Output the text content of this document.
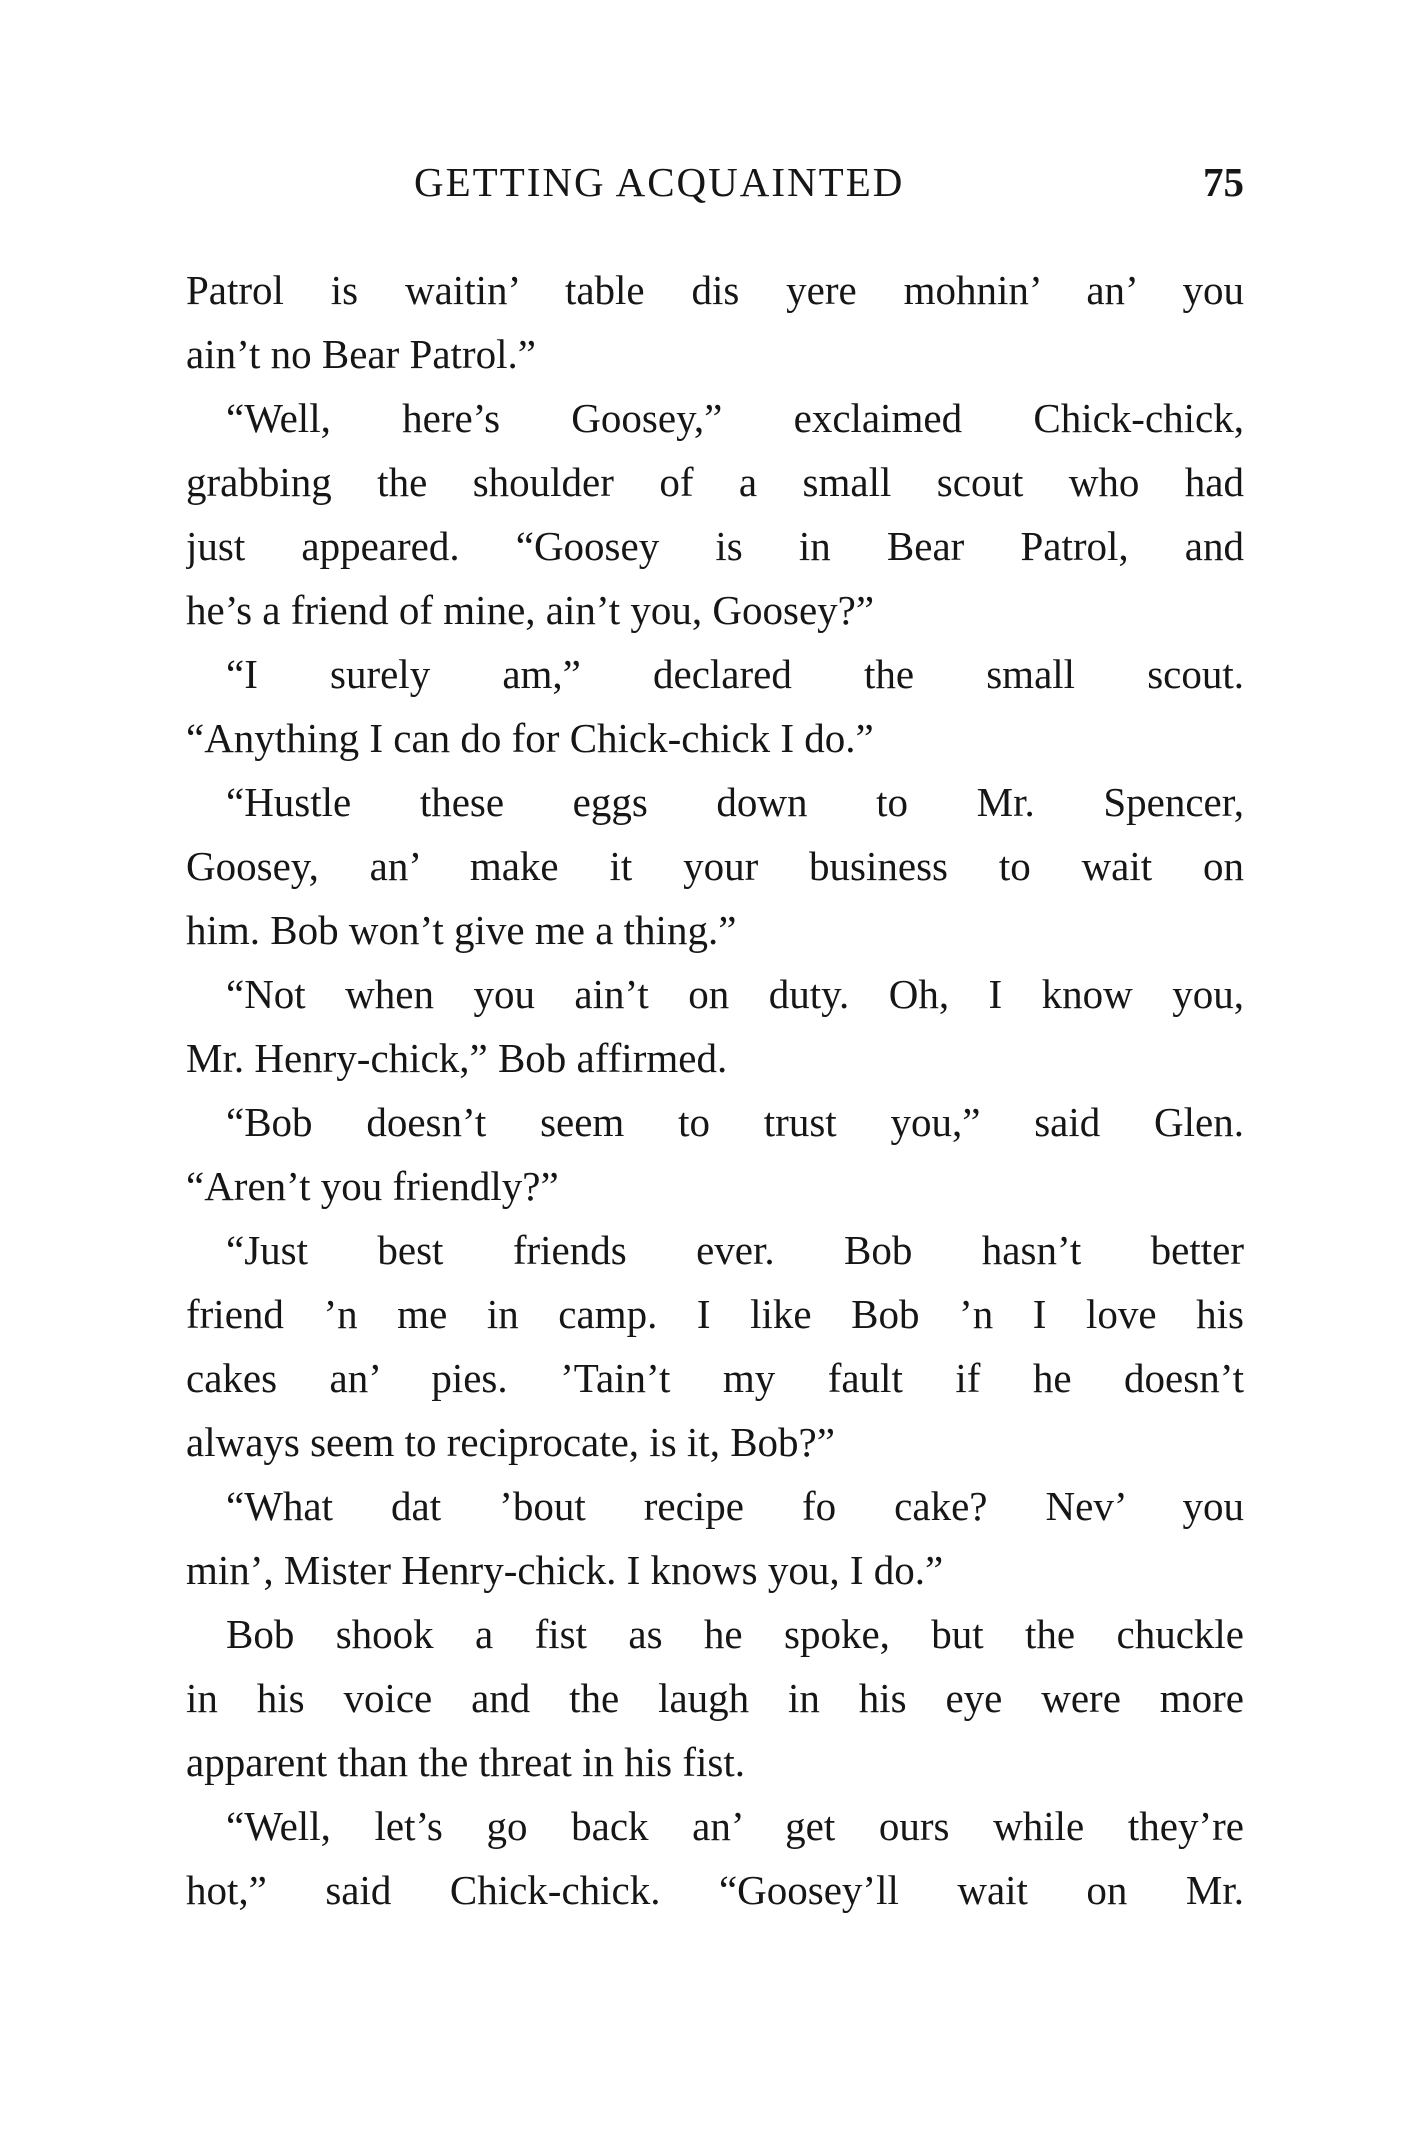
GETTING ACQUAINTED	75
Patrol is waitin’ table dis yere mohnin’ an’ you
ain’t no Bear Patrol.”
“Well, here’s Goosey,” exclaimed Chick-chick,
grabbing the shoulder of a small scout who had
just appeared. “Goosey is in Bear Patrol, and
he’s a friend of mine, ain’t you, Goosey?”
“I surely am,” declared the small scout.
“Anything I can do for Chick-chick I do.”
“Hustle these eggs down to Mr. Spencer,
Goosey, an’ make it your business to wait on
him. Bob won’t give me a thing.”
“Not when you ain’t on duty. Oh, I know you,
Mr. Henry-chick,” Bob affirmed.
“Bob doesn’t seem to trust you,” said Glen.
“Aren’t you friendly?”
“Just best friends ever. Bob hasn’t better
friend ’n me in camp. I like Bob ’n I love his
cakes an’ pies. ’Tain’t my fault if he doesn’t
always seem to reciprocate, is it, Bob?”
“What dat ’bout recipe fo cake? Nev’ you
min’, Mister Henry-chick. I knows you, I do.”
Bob shook a fist as he spoke, but the chuckle
in his voice and the laugh in his eye were more
apparent than the threat in his fist.
“Well, let’s go back an’ get ours while they’re
hot,” said Chick-chick. “Goosey’ll wait on Mr.
